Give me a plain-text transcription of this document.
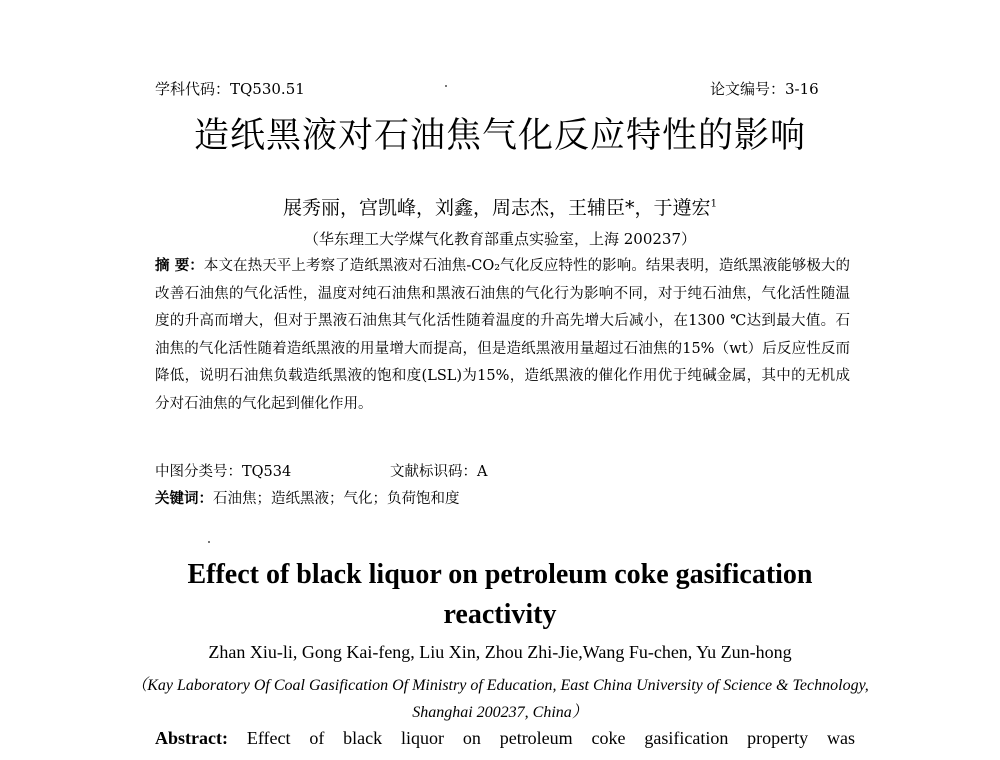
学科代码：TQ530.51	论文编号：3-16
造纸黑液对石油焦气化反应特性的影响
展秀丽，宫凯峰，刘鑫，周志杰，王辅臣*，于遵宏$^1$
（华东理工大学煤气化教育部重点实验室，上海 200237）
摘 要：本文在热天平上考察了造纸黑液对石油焦-CO₂气化反应特性的影响。结果表明，造纸黑液能够极大的改善石油焦的气化活性，温度对纯石油焦和黑液石油焦的气化行为影响不同，对于纯石油焦，气化活性随温度的升高而增大，但对于黑液石油焦其气化活性随着温度的升高先增大后减小，在1300 ℃达到最大值。石油焦的气化活性随着造纸黑液的用量增大而提高，但是造纸黑液用量超过石油焦的15%（wt）后反应性反而降低，说明石油焦负载造纸黑液的饱和度(LSL)为15%，造纸黑液的催化作用优于纯碱金属，其中的无机成分对石油焦的气化起到催化作用。
中图分类号：TQ534	文献标识码：A
关键词：石油焦；造纸黑液；气化；负荷饱和度
Effect of black liquor on petroleum coke gasification reactivity
Zhan Xiu-li, Gong Kai-feng, Liu Xin, Zhou Zhi-Jie,Wang Fu-chen, Yu Zun-hong
（Kay Laboratory Of Coal Gasification Of Ministry of Education, East China University of Science & Technology, Shanghai 200237, China）
Abstract: Effect of black liquor on petroleum coke gasification property was
